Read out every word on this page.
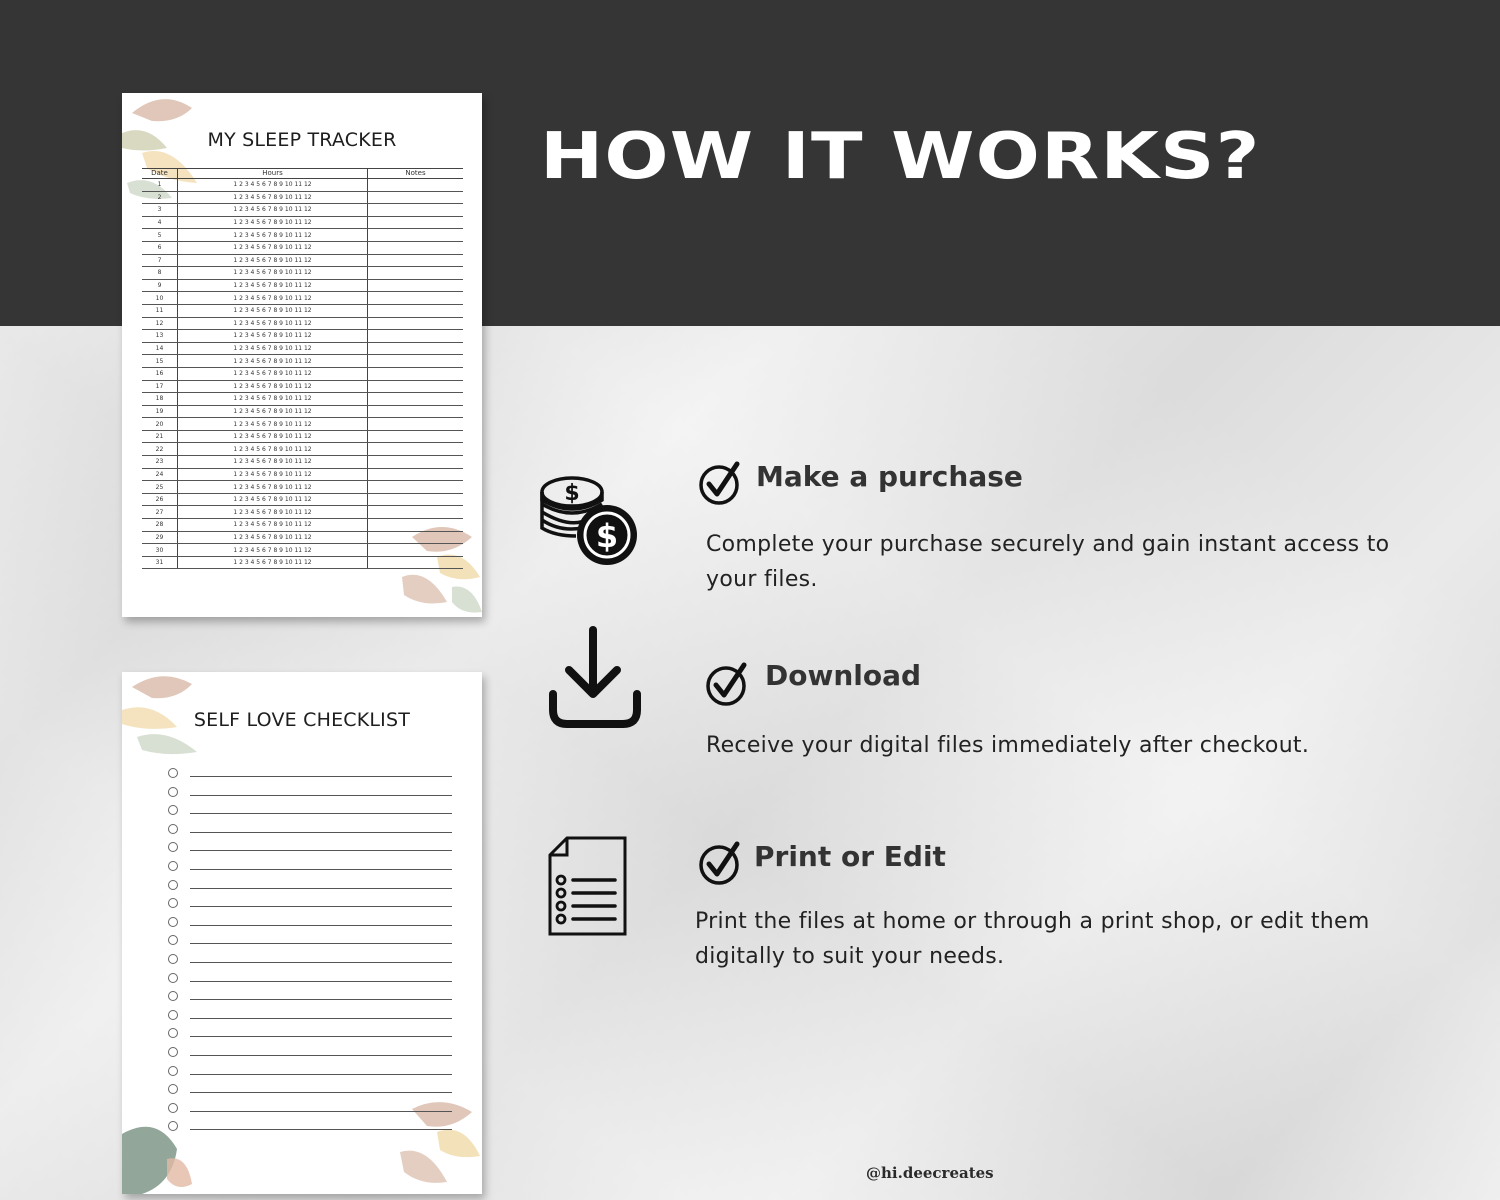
HOW IT WORKS?
MY SLEEP TRACKER
Date	Hours	Notes
1	1 2 3 4 5 6 7 8 9 10 11 12	
2	1 2 3 4 5 6 7 8 9 10 11 12	
3	1 2 3 4 5 6 7 8 9 10 11 12	
4	1 2 3 4 5 6 7 8 9 10 11 12	
5	1 2 3 4 5 6 7 8 9 10 11 12	
6	1 2 3 4 5 6 7 8 9 10 11 12	
7	1 2 3 4 5 6 7 8 9 10 11 12	
8	1 2 3 4 5 6 7 8 9 10 11 12	
9	1 2 3 4 5 6 7 8 9 10 11 12	
10	1 2 3 4 5 6 7 8 9 10 11 12	
11	1 2 3 4 5 6 7 8 9 10 11 12	
12	1 2 3 4 5 6 7 8 9 10 11 12	
13	1 2 3 4 5 6 7 8 9 10 11 12	
14	1 2 3 4 5 6 7 8 9 10 11 12	
15	1 2 3 4 5 6 7 8 9 10 11 12	
16	1 2 3 4 5 6 7 8 9 10 11 12	
17	1 2 3 4 5 6 7 8 9 10 11 12	
18	1 2 3 4 5 6 7 8 9 10 11 12	
19	1 2 3 4 5 6 7 8 9 10 11 12	
20	1 2 3 4 5 6 7 8 9 10 11 12	
21	1 2 3 4 5 6 7 8 9 10 11 12	
22	1 2 3 4 5 6 7 8 9 10 11 12	
23	1 2 3 4 5 6 7 8 9 10 11 12	
24	1 2 3 4 5 6 7 8 9 10 11 12	
25	1 2 3 4 5 6 7 8 9 10 11 12	
26	1 2 3 4 5 6 7 8 9 10 11 12	
27	1 2 3 4 5 6 7 8 9 10 11 12	
28	1 2 3 4 5 6 7 8 9 10 11 12	
29	1 2 3 4 5 6 7 8 9 10 11 12	
30	1 2 3 4 5 6 7 8 9 10 11 12	
31	1 2 3 4 5 6 7 8 9 10 11 12	
SELF LOVE CHECKLIST
$
$
Make a purchase

Complete your purchase securely and gain instant access to your files.

Download

Receive your digital files immediately after checkout.

Print or Edit

Print the files at home or through a print shop, or edit them digitally to suit your needs.

@hi.deecreates
